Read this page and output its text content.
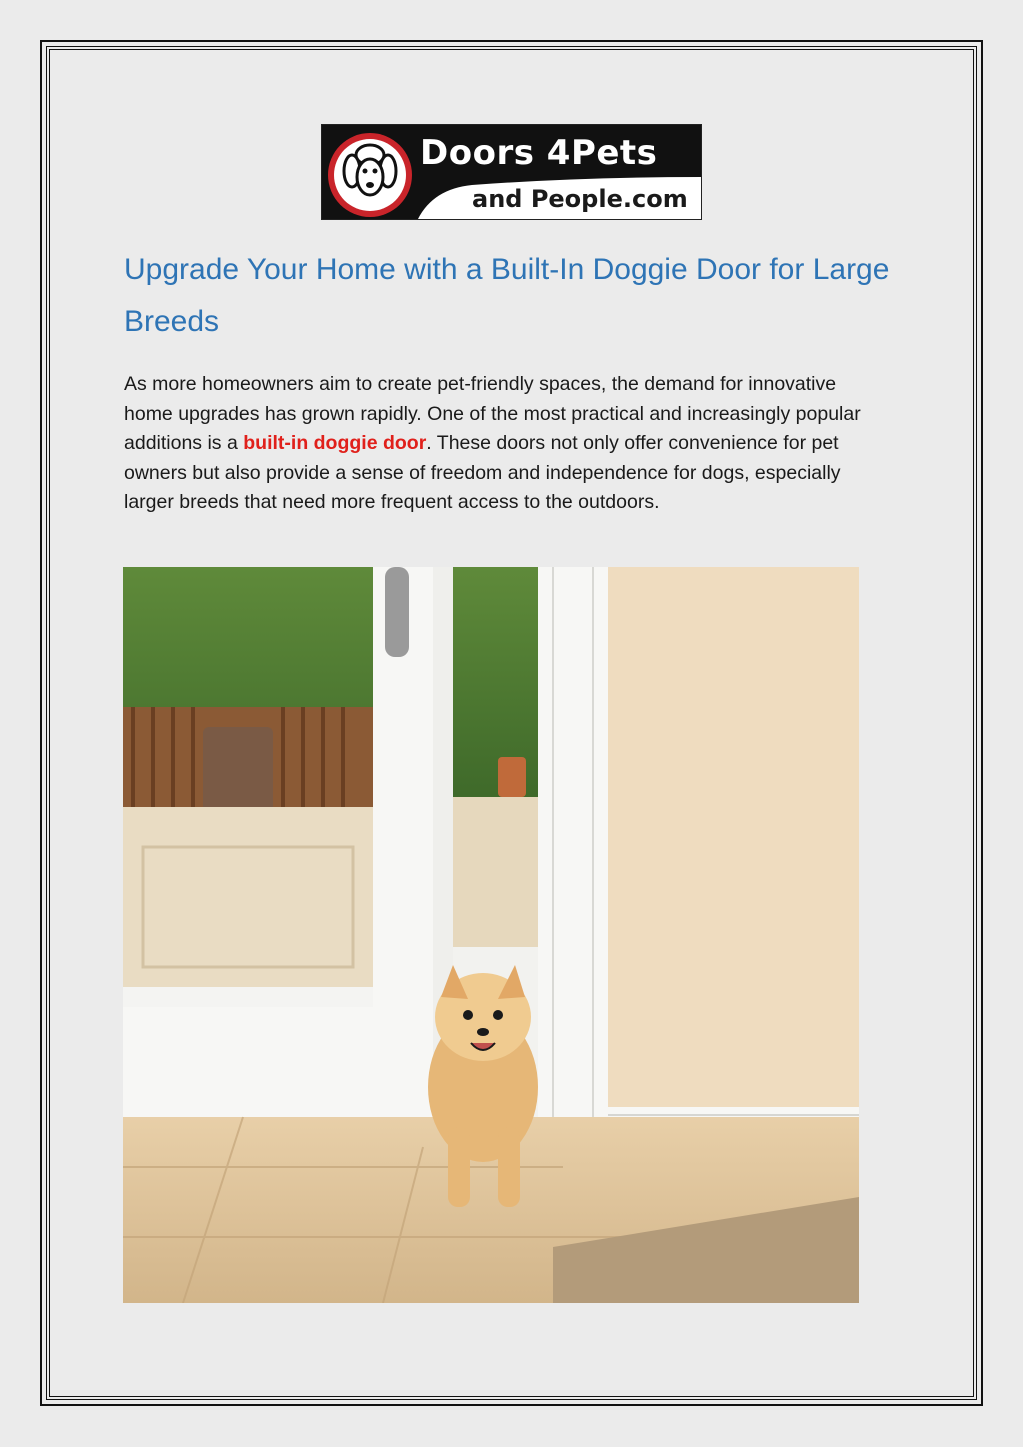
Doors 4Pets
and People.com
Upgrade Your Home with a Built-In Doggie Door for Large Breeds

As more homeowners aim to create pet-friendly spaces, the demand for innovative home upgrades has grown rapidly. One of the most practical and increasingly popular additions is a built-in doggie door. These doors not only offer convenience for pet owners but also provide a sense of freedom and independence for dogs, especially larger breeds that need more frequent access to the outdoors.
